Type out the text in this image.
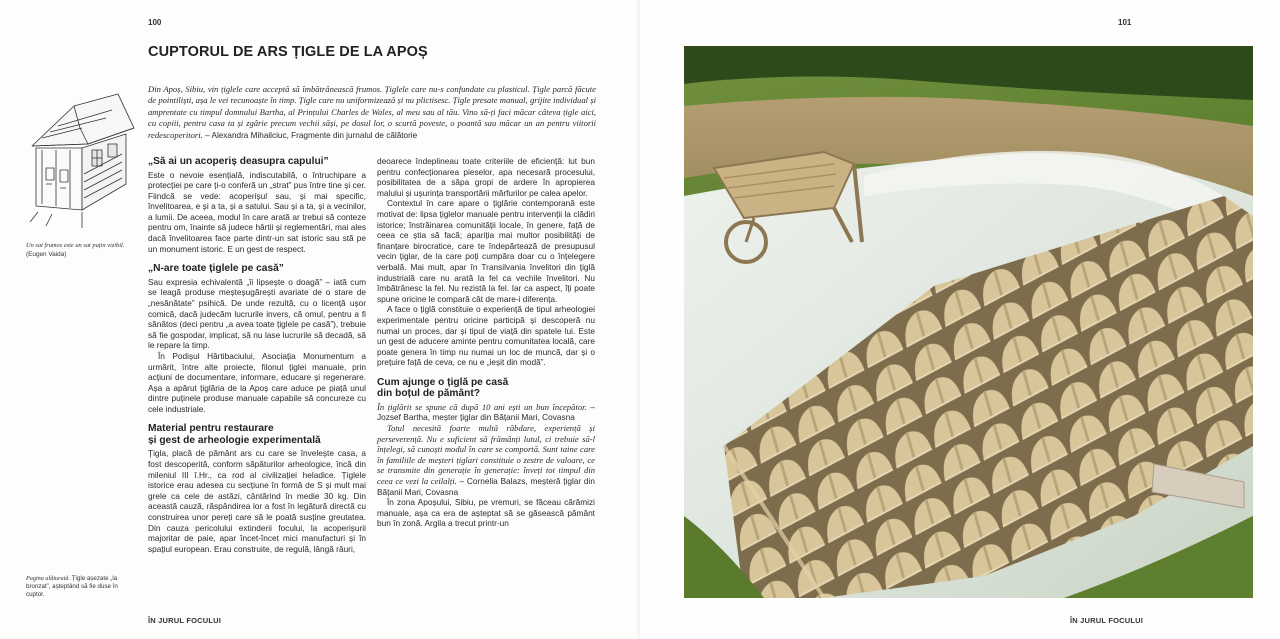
100
CUPTORUL DE ARS ȚIGLE DE LA APOȘ
Din Apoș, Sibiu, vin țiglele care acceptă să îmbătrânească frumos. Țiglele care nu-s confundate cu plasticul. Țigle parcă făcute de pointiliști, așa le vei recunoaște în timp. Țigle care nu uniformizează și nu plictisesc. Țigle presate manual, grijite individual și amprentate cu timpul domnului Bartha, al Prințului Charles de Wales, al meu sau al tău. Vino să-ți faci măcar câteva țigle aici, cu copiii, pentru casa ta și zgârie precum vechii săși, pe dosul lor, o scurtă poveste, o poantă sau măcar un an pentru viitorii redescoperitori. – Alexandra Mihailciuc, Fragmente din jurnalul de călătorie
Un sat frumos este un sat puțin vizibil.
(Eugen Vaida)
Pagina alăturată. Țigle așezate „la bronzat”, așteptând să fie duse în cuptor.
„Să ai un acoperiș deasupra capului”

Este o nevoie esențială, indiscutabilă, o întruchipare a protecției pe care ți-o conferă un „strat” pus între tine și cer. Fiindcă se vede: acoperișul sau, și mai specific, învelitoarea, e și a ta, și a satului. Sau și a ta, și a vecinilor, a lumii. De aceea, modul în care arată ar trebui să conteze pentru om, înainte să judece hârtii și reglementări, mai ales dacă învelitoarea face parte dintr-un sat istoric sau stă pe un monument istoric. E un gest de respect.

„N-are toate țiglele pe casă”

Sau expresia echivalentă „îi lipsește o doagă” – iată cum se leagă produse meșteșugărești avariate de o stare de „nesănătate” psihică. De unde rezultă, cu o licență ușor comică, dacă judecăm lucrurile invers, că omul, pentru a fi sănătos (deci pentru „a avea toate țiglele pe casă”), trebuie să fie gospodar, implicat, să nu lase lucrurile să decadă, să le repare la timp.

În Podișul Hârtibaciului, Asociația Monumentum a urmărit, între alte proiecte, filonul țiglei manuale, prin acțiuni de documentare, informare, educare și regenerare. Așa a apărut țiglăria de la Apoș care aduce pe piață unul dintre puținele produse manuale capabile să concureze cu cele industriale.

Material pentru restaurare
și gest de arheologie experimentală

Țigla, placă de pământ ars cu care se învelește casa, a fost descoperită, conform săpăturilor arheologice, încă din mileniul III î.Hr., ca rod al civilizației heladice. Țiglele istorice erau adesea cu secțiune în formă de S și mult mai grele ca cele de astăzi, cântărind în medie 30 kg. Din această cauză, răspândirea lor a fost în legătură directă cu construirea unor pereți care să le poată susține greutatea. Din cauza pericolului extinderii focului, la acoperișurii majoritar de paie, apar încet-încet mici manufacturi și în spațiul european. Erau construite, de regulă, lângă râuri,

deoarece îndeplineau toate criteriile de eficiență: lut bun pentru confecționarea pieselor, apa necesară procesului, posibilitatea de a săpa gropi de ardere în apropierea malului și ușurința transportării mărfurilor pe calea apelor.

Contextul în care apare o țiglărie contemporană este motivat de: lipsa țiglelor manuale pentru intervenții la clădiri istorice; înstrăinarea comunității locale, în genere, față de ceea ce știa să facă; apariția mai multor posibilități de finanțare birocratice, care te îndepărtează de presupusul vecin țiglar, de la care poți cumpăra doar cu o înțelegere verbală. Mai mult, apar în Transilvania învelitori din țiglă industrială care nu arată la fel ca vechile învelitori. Nu îmbătrânesc la fel. Nu rezistă la fel. Iar ca aspect, îți poate spune oricine le compară cât de mare-i diferența.

A face o țiglă constituie o experiență de tipul arheologiei experimentale pentru oricine participă și descoperă nu numai un proces, dar și tipul de viață din spatele lui. Este un gest de aducere aminte pentru comunitatea locală, care poate genera în timp nu numai un loc de muncă, dar și o prețuire față de ceva, ce nu e „ieșit din modă”.

Cum ajunge o țiglă pe casă
din boțul de pământ?

În țiglărit se spune că după 10 ani ești un bun începător. – Jozsef Bartha, meșter țiglar din Bățanii Mari, Covasna

Totul necesită foarte multă răbdare, experiență și perseverență. Nu e suficient să frămânți lutul, ci trebuie să-l înțelegi, să cunoști modul în care se comportă. Sunt taine care în familiile de meșteri țiglari constituie o zestre de valoare, ce se transmite din generație în generație: înveți tot timpul din ceea ce vezi la ceilalți. – Cornelia Balazs, meșteră țiglar din Bățanii Mari, Covasna

În zona Apoșului, Sibiu, pe vremuri, se făceau cărămizi manuale, așa ca era de așteptat să se găsească pământ bun în zonă. Argila a trecut printr-un

ÎN JURUL FOCULUI
101
ÎN JURUL FOCULUI
